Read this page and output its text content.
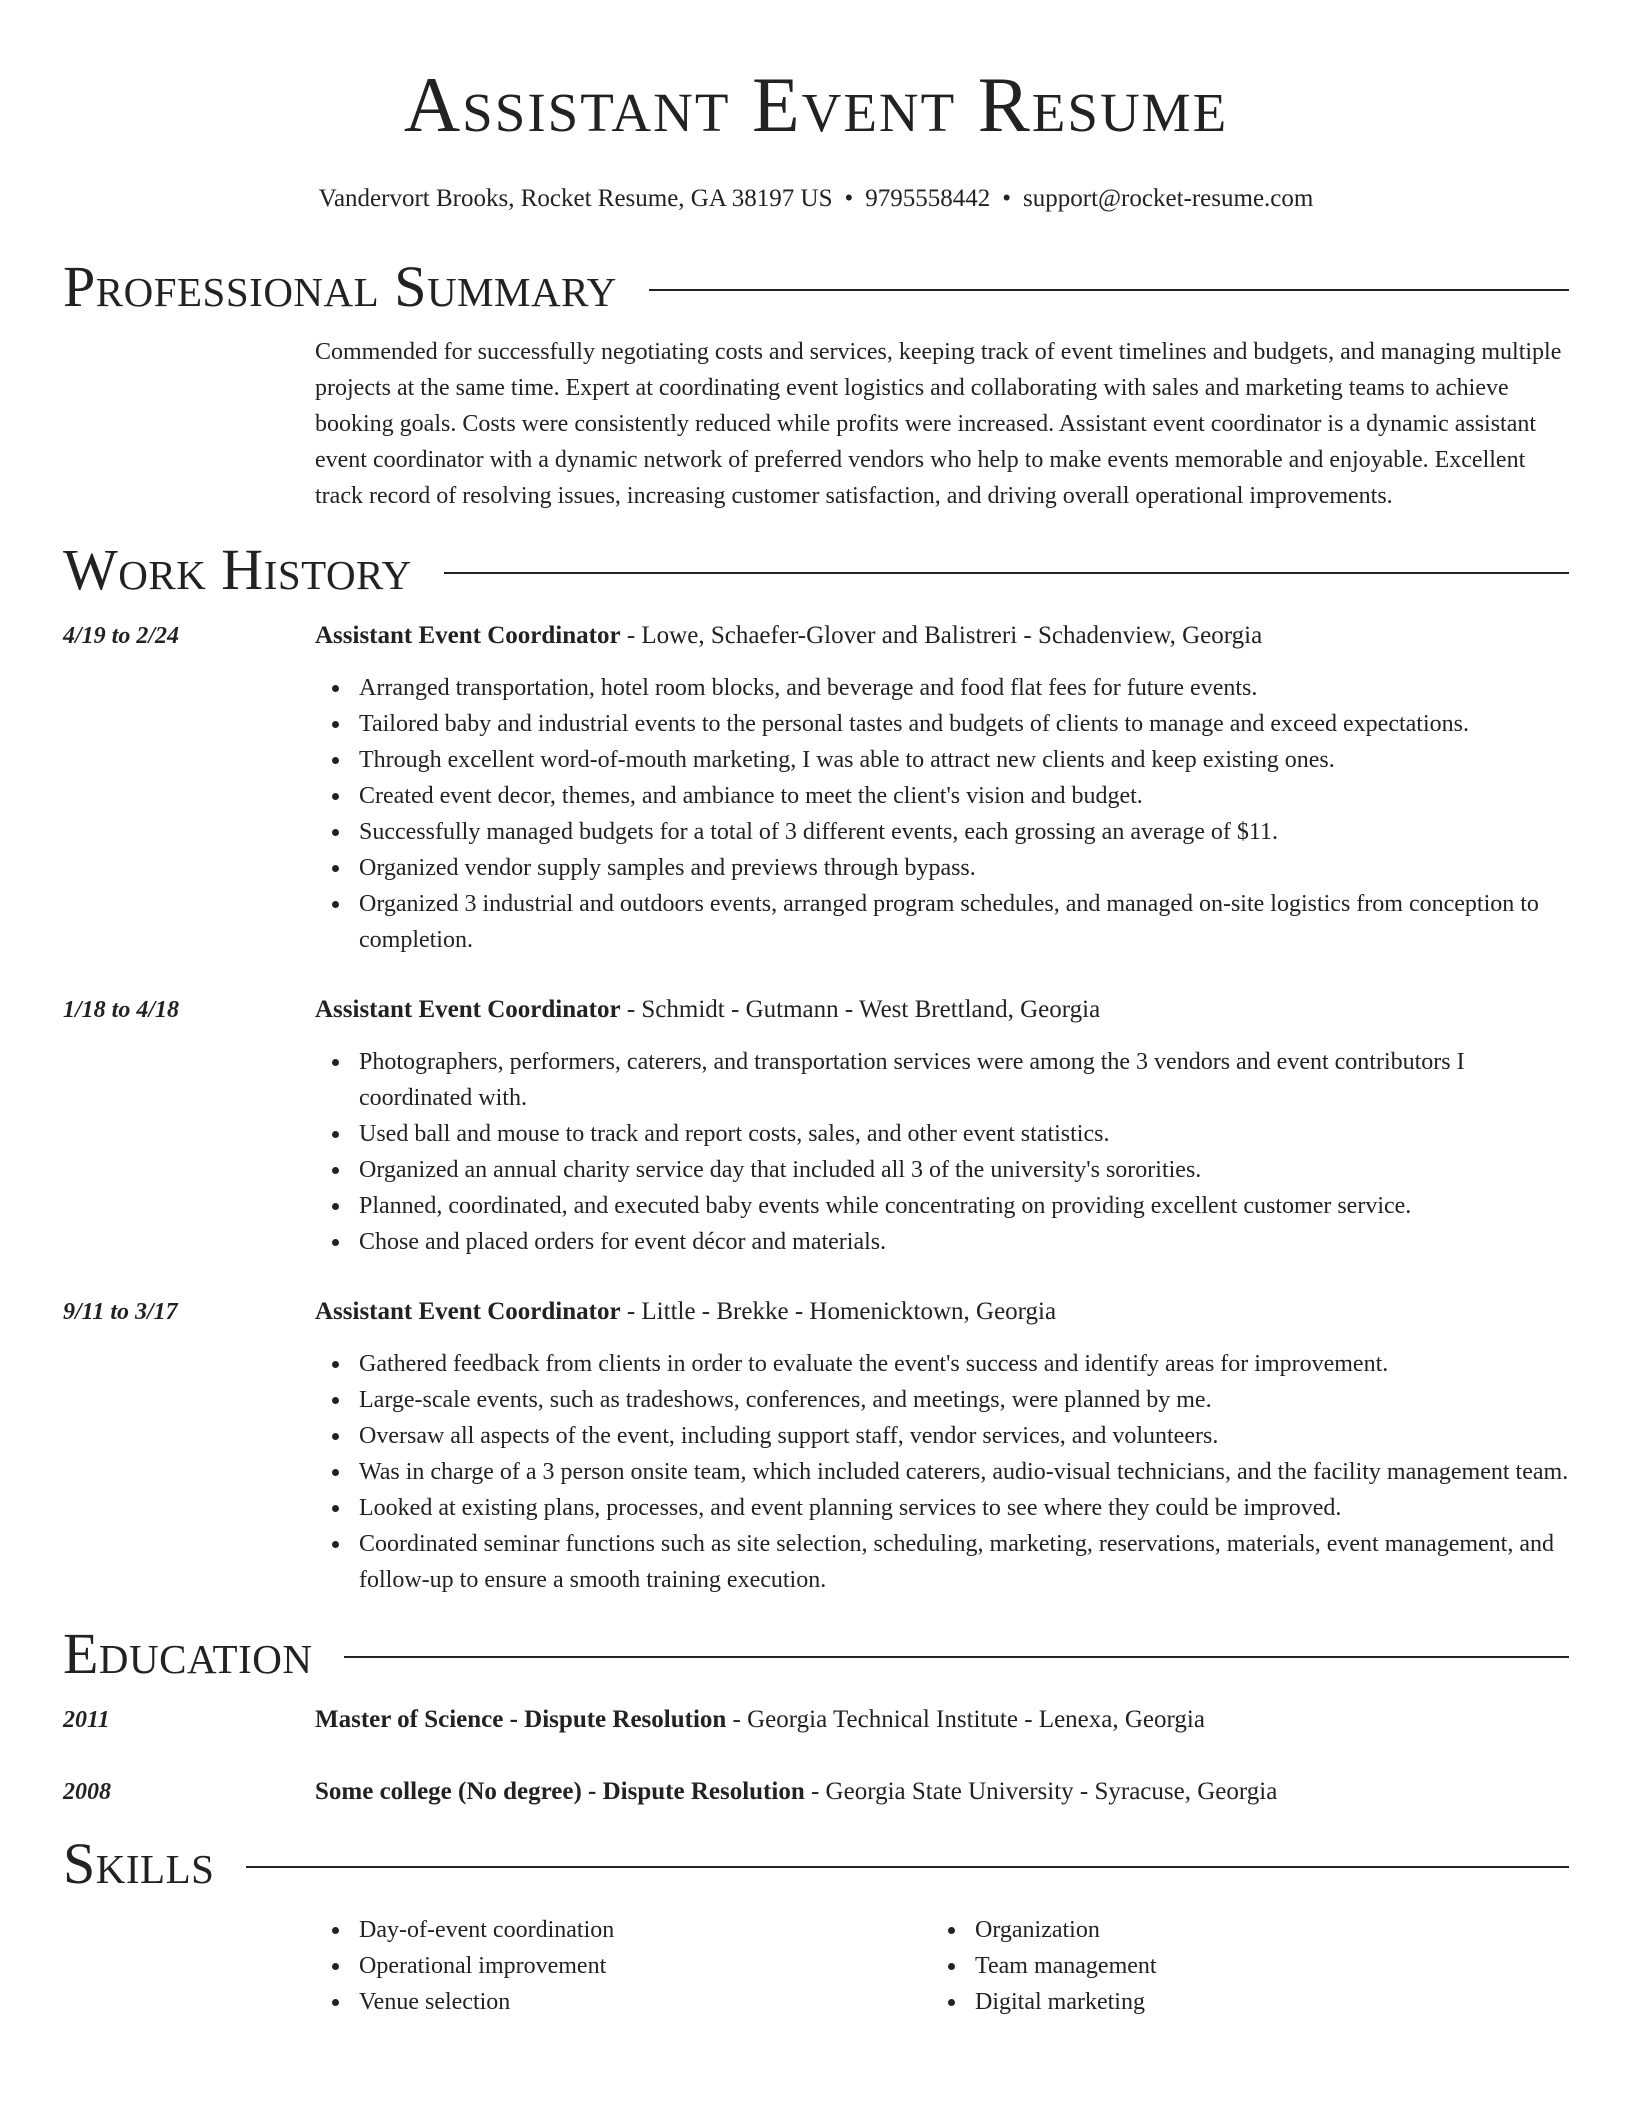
Assistant Event Resume
Vandervort Brooks, Rocket Resume, GA 38197 US • 9795558442 • support@rocket-resume.com
Professional Summary

Commended for successfully negotiating costs and services, keeping track of event timelines and budgets, and managing multiple projects at the same time. Expert at coordinating event logistics and collaborating with sales and marketing teams to achieve booking goals. Costs were consistently reduced while profits were increased. Assistant event coordinator is a dynamic assistant event coordinator with a dynamic network of preferred vendors who help to make events memorable and enjoyable. Excellent track record of resolving issues, increasing customer satisfaction, and driving overall operational improvements.

Work History
4/19 to 2/24	Assistant Event Coordinator - Lowe, Schaefer-Glover and Balistreri - Schadenview, Georgia
Arranged transportation, hotel room blocks, and beverage and food flat fees for future events.
Tailored baby and industrial events to the personal tastes and budgets of clients to manage and exceed expectations.
Through excellent word-of-mouth marketing, I was able to attract new clients and keep existing ones.
Created event decor, themes, and ambiance to meet the client's vision and budget.
Successfully managed budgets for a total of 3 different events, each grossing an average of $11.
Organized vendor supply samples and previews through bypass.
Organized 3 industrial and outdoors events, arranged program schedules, and managed on-site logistics from conception to completion.
1/18 to 4/18	Assistant Event Coordinator - Schmidt - Gutmann - West Brettland, Georgia
Photographers, performers, caterers, and transportation services were among the 3 vendors and event contributors I coordinated with.
Used ball and mouse to track and report costs, sales, and other event statistics.
Organized an annual charity service day that included all 3 of the university's sororities.
Planned, coordinated, and executed baby events while concentrating on providing excellent customer service.
Chose and placed orders for event décor and materials.
9/11 to 3/17	Assistant Event Coordinator - Little - Brekke - Homenicktown, Georgia
Gathered feedback from clients in order to evaluate the event's success and identify areas for improvement.
Large-scale events, such as tradeshows, conferences, and meetings, were planned by me.
Oversaw all aspects of the event, including support staff, vendor services, and volunteers.
Was in charge of a 3 person onsite team, which included caterers, audio-visual technicians, and the facility management team.
Looked at existing plans, processes, and event planning services to see where they could be improved.
Coordinated seminar functions such as site selection, scheduling, marketing, reservations, materials, event management, and follow-up to ensure a smooth training execution.
Education
2011	Master of Science - Dispute Resolution - Georgia Technical Institute - Lenexa, Georgia
2008	Some college (No degree) - Dispute Resolution - Georgia State University - Syracuse, Georgia
Skills
Day-of-event coordination
Operational improvement
Venue selection
Organization
Team management
Digital marketing
